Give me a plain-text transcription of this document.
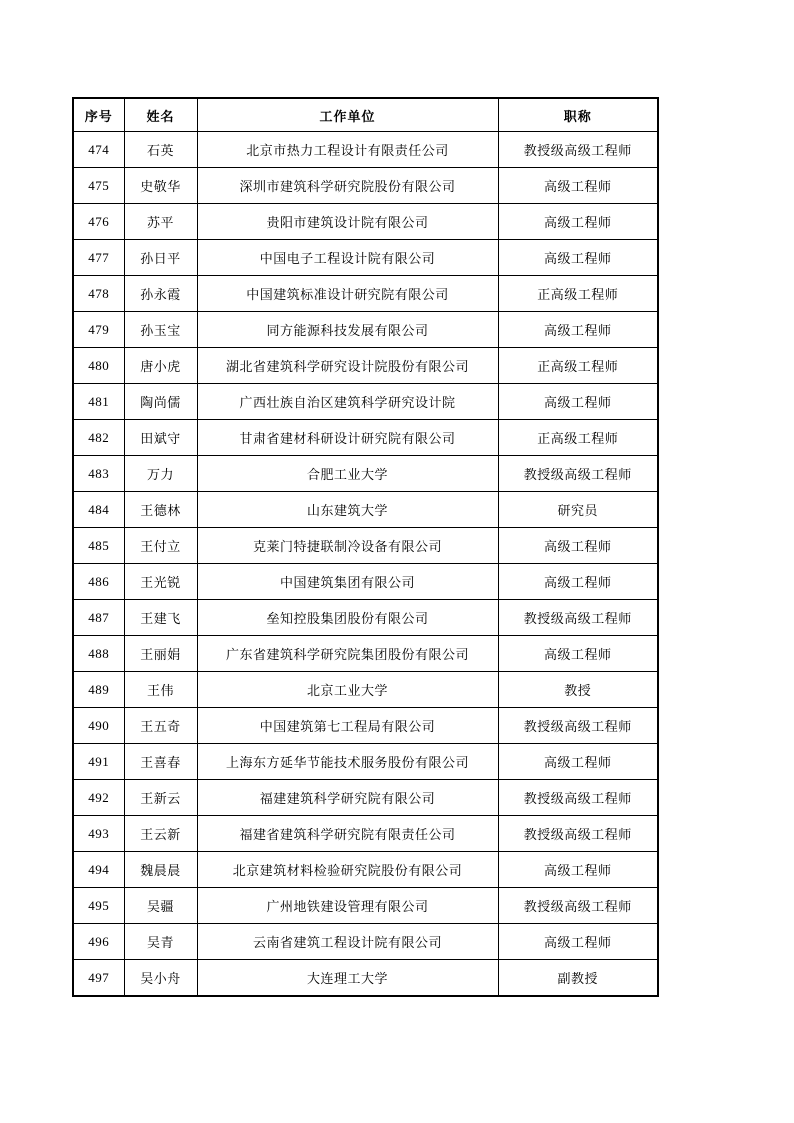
序号	姓名	工作单位	职称
474	石英	北京市热力工程设计有限责任公司	教授级高级工程师
475	史敬华	深圳市建筑科学研究院股份有限公司	高级工程师
476	苏平	贵阳市建筑设计院有限公司	高级工程师
477	孙日平	中国电子工程设计院有限公司	高级工程师
478	孙永霞	中国建筑标准设计研究院有限公司	正高级工程师
479	孙玉宝	同方能源科技发展有限公司	高级工程师
480	唐小虎	湖北省建筑科学研究设计院股份有限公司	正高级工程师
481	陶尚儒	广西壮族自治区建筑科学研究设计院	高级工程师
482	田斌守	甘肃省建材科研设计研究院有限公司	正高级工程师
483	万力	合肥工业大学	教授级高级工程师
484	王德林	山东建筑大学	研究员
485	王付立	克莱门特捷联制冷设备有限公司	高级工程师
486	王光锐	中国建筑集团有限公司	高级工程师
487	王建飞	垒知控股集团股份有限公司	教授级高级工程师
488	王丽娟	广东省建筑科学研究院集团股份有限公司	高级工程师
489	王伟	北京工业大学	教授
490	王五奇	中国建筑第七工程局有限公司	教授级高级工程师
491	王喜春	上海东方延华节能技术服务股份有限公司	高级工程师
492	王新云	福建建筑科学研究院有限公司	教授级高级工程师
493	王云新	福建省建筑科学研究院有限责任公司	教授级高级工程师
494	魏晨晨	北京建筑材料检验研究院股份有限公司	高级工程师
495	吴疆	广州地铁建设管理有限公司	教授级高级工程师
496	吴青	云南省建筑工程设计院有限公司	高级工程师
497	吴小舟	大连理工大学	副教授
